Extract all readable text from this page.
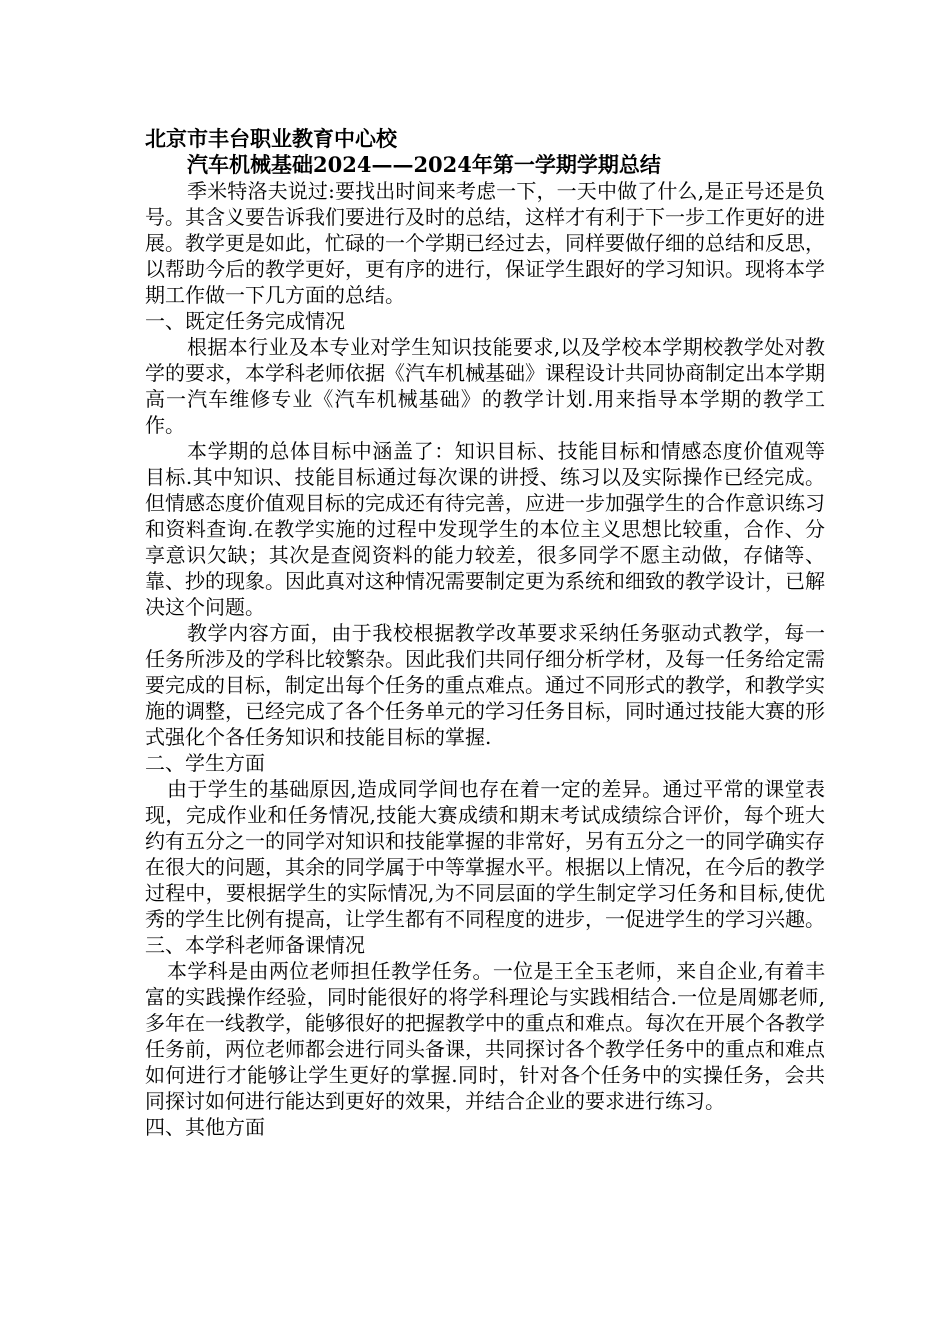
北京市丰台职业教育中心校
汽车机械基础2024——2024年第一学期学期总结

季米特洛夫说过:要找出时间来考虑一下，一天中做了什么,是正号还是负号。其含义要告诉我们要进行及时的总结，这样才有利于下一步工作更好的进展。教学更是如此，忙碌的一个学期已经过去，同样要做仔细的总结和反思，以帮助今后的教学更好，更有序的进行，保证学生跟好的学习知识。现将本学期工作做一下几方面的总结。

一、既定任务完成情况

根据本行业及本专业对学生知识技能要求,以及学校本学期校教学处对教学的要求，本学科老师依据《汽车机械基础》课程设计共同协商制定出本学期高一汽车维修专业《汽车机械基础》的教学计划.用来指导本学期的教学工作。

本学期的总体目标中涵盖了：知识目标、技能目标和情感态度价值观等目标.其中知识、技能目标通过每次课的讲授、练习以及实际操作已经完成。但情感态度价值观目标的完成还有待完善，应进一步加强学生的合作意识练习和资料查询.在教学实施的过程中发现学生的本位主义思想比较重，合作、分享意识欠缺；其次是查阅资料的能力较差，很多同学不愿主动做，存储等、靠、抄的现象。因此真对这种情况需要制定更为系统和细致的教学设计，已解决这个问题。

教学内容方面，由于我校根据教学改革要求采纳任务驱动式教学，每一任务所涉及的学科比较繁杂。因此我们共同仔细分析学材，及每一任务给定需要完成的目标，制定出每个任务的重点难点。通过不同形式的教学，和教学实施的调整，已经完成了各个任务单元的学习任务目标，同时通过技能大赛的形式强化个各任务知识和技能目标的掌握.

二、学生方面

由于学生的基础原因,造成同学间也存在着一定的差异。通过平常的课堂表现，完成作业和任务情况,技能大赛成绩和期末考试成绩综合评价，每个班大约有五分之一的同学对知识和技能掌握的非常好，另有五分之一的同学确实存在很大的问题，其余的同学属于中等掌握水平。根据以上情况，在今后的教学过程中，要根据学生的实际情况,为不同层面的学生制定学习任务和目标,使优秀的学生比例有提高，让学生都有不同程度的进步，一促进学生的学习兴趣。

三、本学科老师备课情况

本学科是由两位老师担任教学任务。一位是王全玉老师，来自企业,有着丰富的实践操作经验，同时能很好的将学科理论与实践相结合.一位是周娜老师,多年在一线教学，能够很好的把握教学中的重点和难点。每次在开展个各教学任务前，两位老师都会进行同头备课，共同探讨各个教学任务中的重点和难点如何进行才能够让学生更好的掌握.同时，针对各个任务中的实操任务，会共同探讨如何进行能达到更好的效果，并结合企业的要求进行练习。

四、其他方面
